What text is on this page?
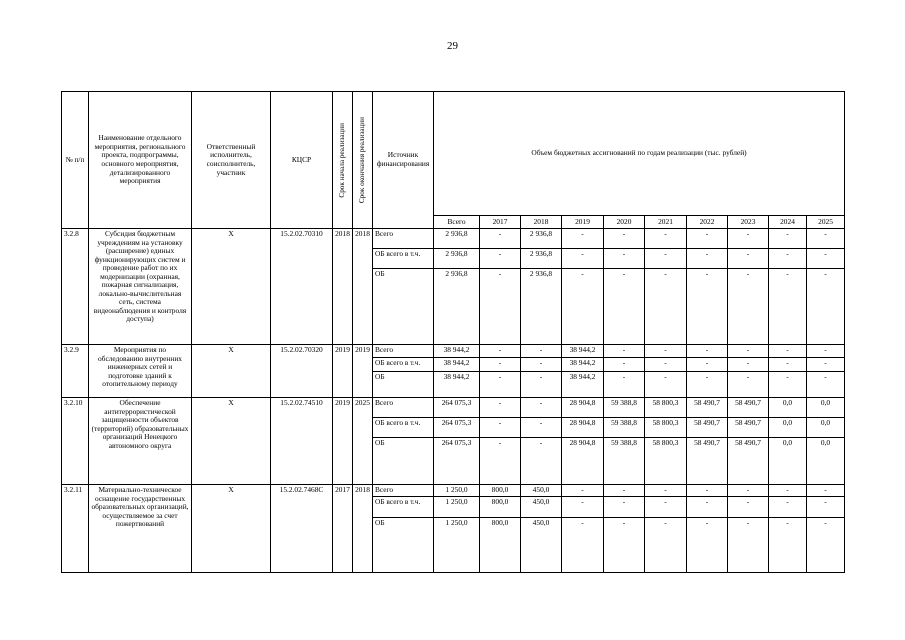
29
№ п/п	Наименование отдельного мероприятия, регионального проекта, подпрограммы, основного мероприятия, детализированного мероприятия	Ответственный исполнитель, соисполнитель, участник	КЦСР	Срок начала реализации	Срок окончания реализации	Источник финансирования	Объем бюджетных ассигнований по годам реализации (тыс. рублей)									
							Всего	2017	2018	2019	2020	2021	2022	2023	2024	2025
3.2.8	Субсидия бюджетным учреждениям на установку (расширение) единых функционирующих систем и проведение работ по их модернизации (охранная, пожарная сигнализация, локально-вычислительная сеть, система видеонаблюдения и контроля доступа)	X	15.2.02.70310	2018	2018	Всего	2 936,8	-	2 936,8	-	-	-	-	-	-	-
						ОБ всего в т.ч.	2 936,8	-	2 936,8	-	-	-	-	-	-	-
						ОБ	2 936,8	-	2 936,8	-	-	-	-	-	-	-
3.2.9	Мероприятия по обследованию внутренних инженерных сетей и подготовке зданий к отопительному периоду	X	15.2.02.70320	2019	2019	Всего	38 944,2	-	-	38 944,2	-	-	-	-	-	-
						ОБ всего в т.ч.	38 944,2	-	-	38 944,2	-	-	-	-	-	-
						ОБ	38 944,2	-	-	38 944,2	-	-	-	-	-	-
3.2.10	Обеспечение антитеррористической защищенности объектов (территорий) образовательных организаций Ненецкого автономного округа	X	15.2.02.74510	2019	2025	Всего	264 075,3	-	-	28 904,8	59 388,8	58 800,3	58 490,7	58 490,7	0,0	0,0
						ОБ всего в т.ч.	264 075,3	-	-	28 904,8	59 388,8	58 800,3	58 490,7	58 490,7	0,0	0,0
						ОБ	264 075,3	-	-	28 904,8	59 388,8	58 800,3	58 490,7	58 490,7	0,0	0,0
3.2.11	Материально-техническое оснащение государственных образовательных организаций, осуществляемое за счет пожертвований	X	15.2.02.7468С	2017	2018	Всего	1 250,0	800,0	450,0	-	-	-	-	-	-	-
						ОБ всего в т.ч.	1 250,0	800,0	450,0	-	-	-	-	-	-	-
						ОБ	1 250,0	800,0	450,0	-	-	-	-	-	-	-
